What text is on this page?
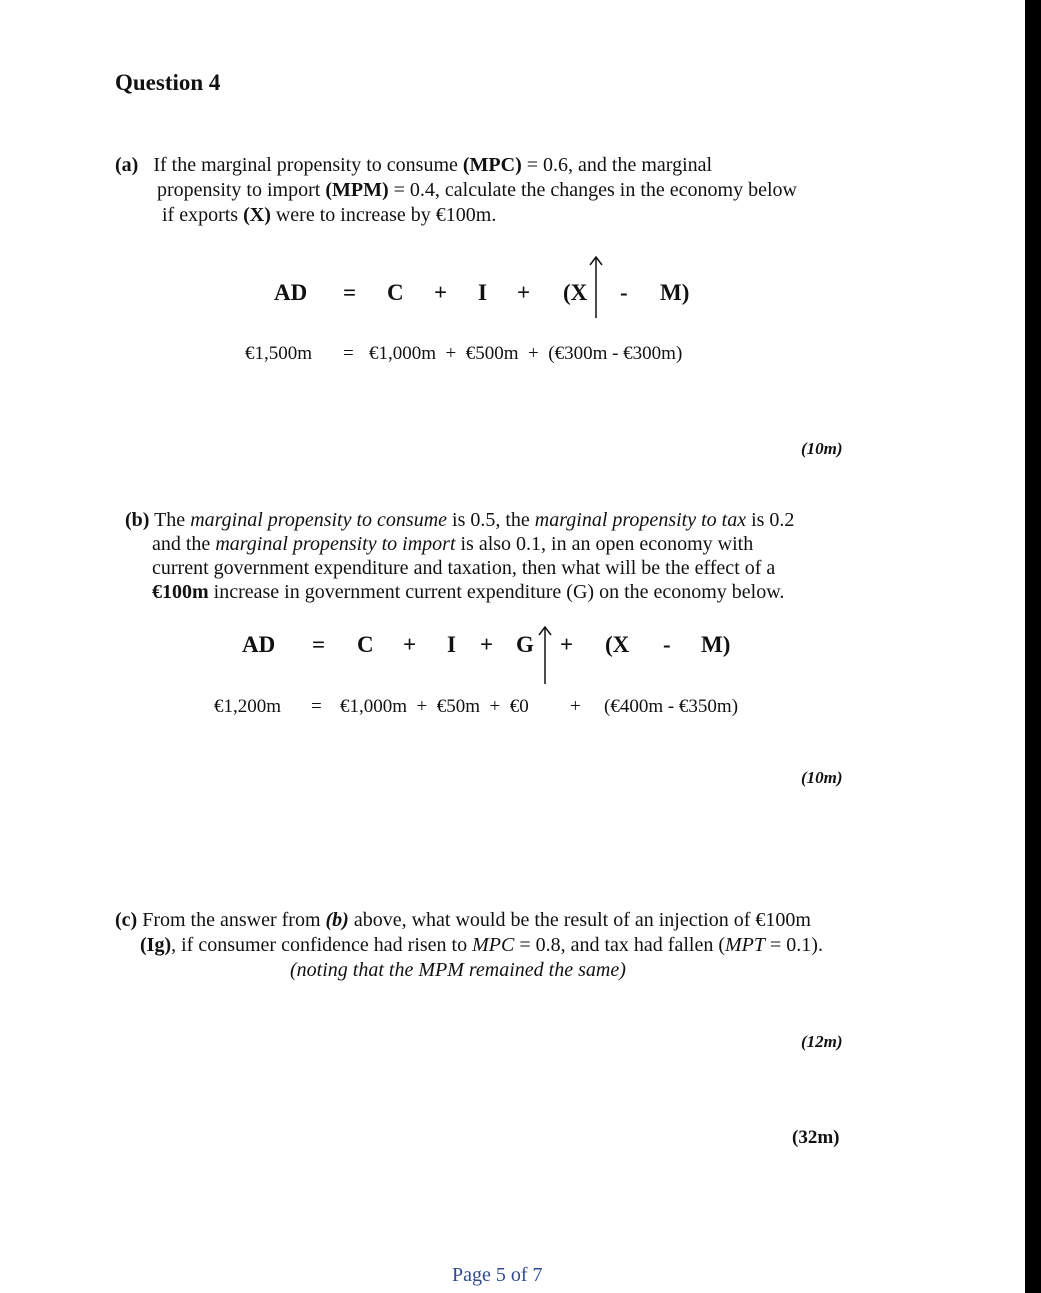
Question 4
(a) If the marginal propensity to consume (MPC) = 0.6, and the marginal
propensity to import (MPM) = 0.4, calculate the changes in the economy below
if exports (X) were to increase by €100m.
AD = C + I + (X - M)
€1,500m = €1,000m  +  €500m  +  (€300m - €300m)
(10m)
(b) The marginal propensity to consume is 0.5, the marginal propensity to tax is 0.2
and the marginal propensity to import is also 0.1, in an open economy with
current government expenditure and taxation, then what will be the effect of a
€100m increase in government current expenditure (G) on the economy below.
AD = C + I + G + (X - M)
€1,200m = €1,000m  +  €50m  +  €0 + (€400m - €350m)
(10m)
(c) From the answer from (b) above, what would be the result of an injection of €100m
(Ig), if consumer confidence had risen to MPC = 0.8, and tax had fallen (MPT = 0.1).
(noting that the MPM remained the same)
(12m)
(32m)
Page 5 of 7
